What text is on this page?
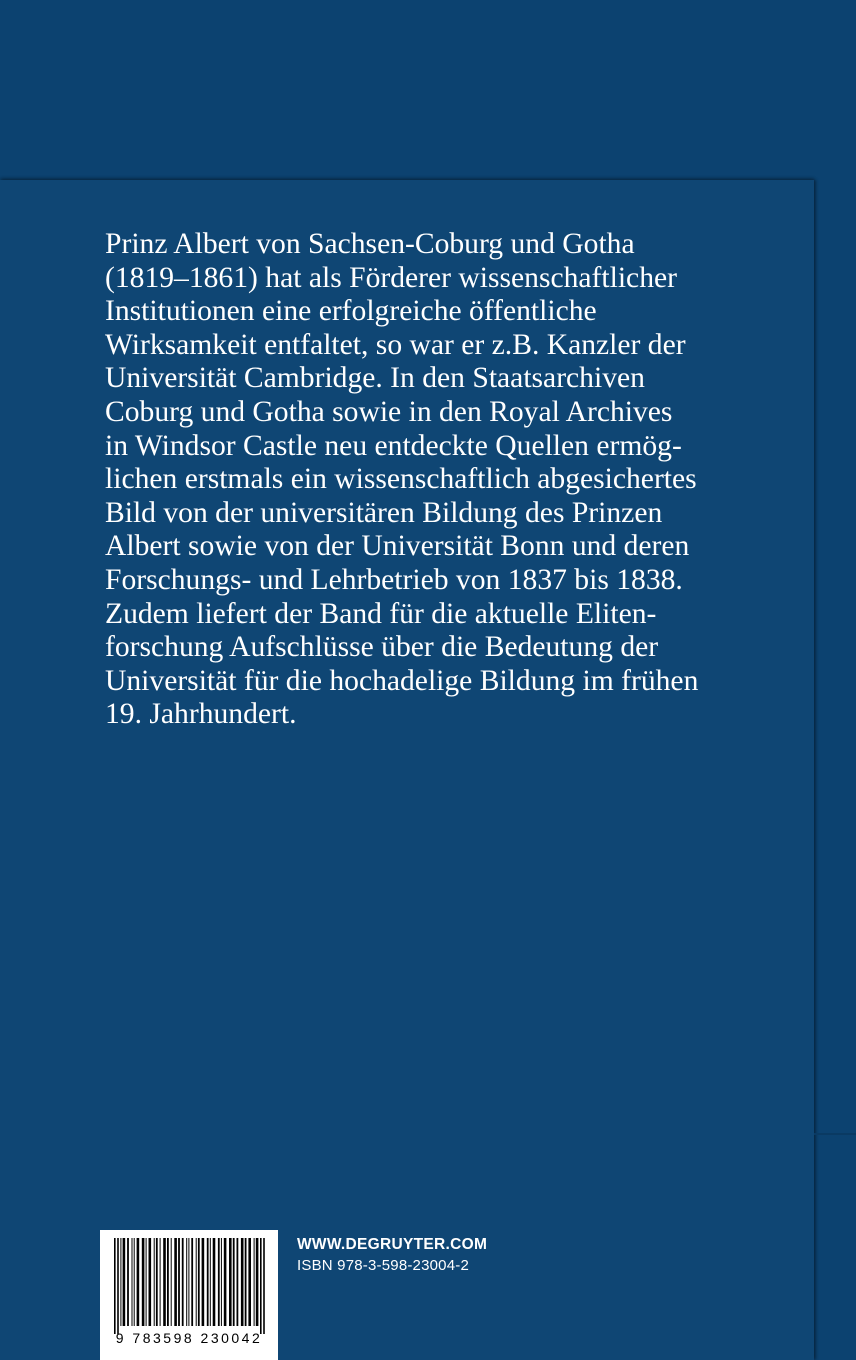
Prinz Albert von Sachsen-Coburg und Gotha
(1819–1861) hat als Förderer wissenschaftlicher
Institutionen eine erfolgreiche öffentliche
Wirksamkeit entfaltet, so war er z.B. Kanzler der
Universität Cambridge. In den Staatsarchiven
Coburg und Gotha sowie in den Royal Archives
in Windsor Castle neu entdeckte Quellen ermög-
lichen erstmals ein wissenschaftlich abgesichertes
Bild von der universitären Bildung des Prinzen
Albert sowie von der Universität Bonn und deren
Forschungs- und Lehrbetrieb von 1837 bis 1838.
Zudem liefert der Band für die aktuelle Eliten-
forschung Aufschlüsse über die Bedeutung der
Universität für die hochadelige Bildung im frühen
19. Jahrhundert.

9 783598 230042
WWW.DEGRUYTER.COM
ISBN 978-3-598-23004-2
